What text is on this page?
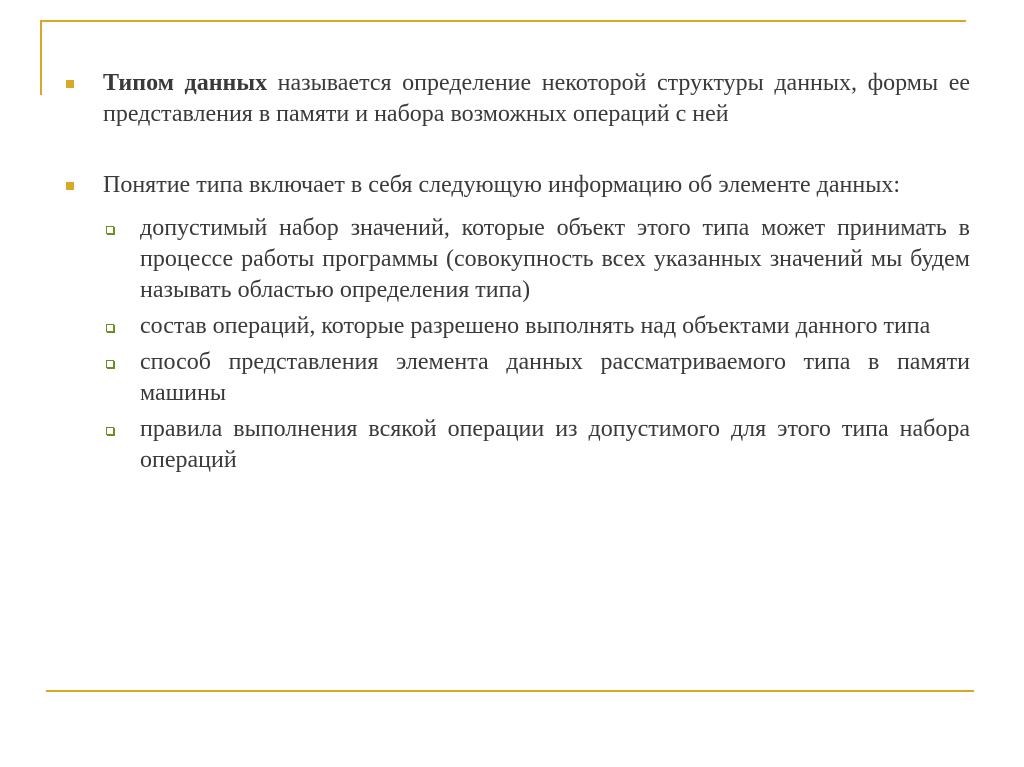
Типом данных называется определение некоторой структуры данных, формы ее представления в памяти и набора возможных операций с ней
Понятие типа включает в себя следующую информацию об элементе данных:
допустимый набор значений, которые объект этого типа может принимать в процессе работы программы (совокупность всех указанных значений мы будем называть областью определения типа)
состав операций, которые разрешено выполнять над объектами данного типа
способ представления элемента данных рассматриваемого типа в памяти машины
правила выполнения всякой операции из допустимого для этого типа набора операций
